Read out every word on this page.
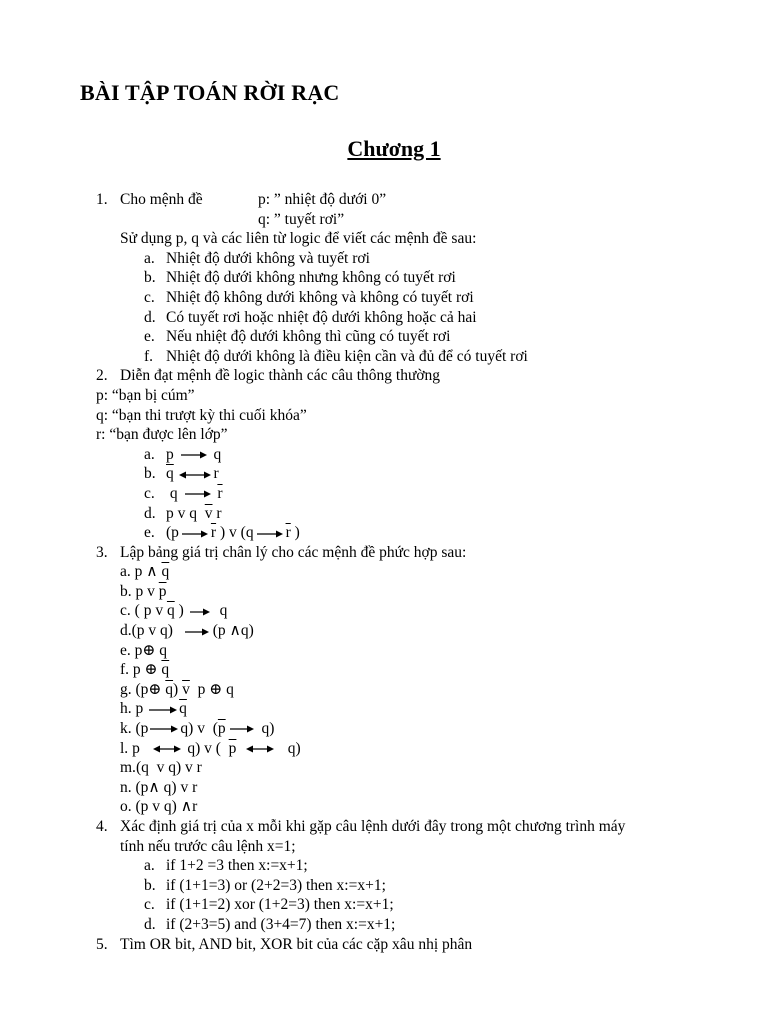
BÀI TẬP TOÁN RỜI RẠC
Chương 1
1. Cho mệnh đề	p: ” nhiệt độ dưới 0”
q: ” tuyết rơi”
Sử dụng p, q và các liên từ logic để viết các mệnh đề sau:
a. Nhiệt độ dưới không và tuyết rơi
b. Nhiệt độ dưới không nhưng không có tuyết rơi
c. Nhiệt độ không dưới không và không có tuyết rơi
d. Có tuyết rơi hoặc nhiệt độ dưới không hoặc cả hai
e. Nếu nhiệt độ dưới không thì cũng có tuyết rơi
f. Nhiệt độ dưới không là điều kiện cần và đủ để có tuyết rơi
2. Diễn đạt mệnh đề logic thành các câu thông thường
p: “bạn bị cúm”
q: “bạn thi trượt kỳ thi cuối khóa”
r: “bạn được lên lớp”
a. p	q
b. $\overline{q}$	r
c. q	$\overline{r}$
d. p v q $\overline{v}$ r
e. (p $\overline{r}$ ) v (q $\overline{r}$ )
3. Lập bảng giá trị chân lý cho các mệnh đề phức hợp sau:
a. p ∧ $\overline{q}$
b. p v $\overline{p}$
c. ( p v $\overline{q}$ ) q
d.(p v q)	(p ∧q)
e. p⊕ q
f. p ⊕ $\overline{q}$
g. (p⊕ $\overline{q}$) $\overline{v}$ p ⊕ q
h. p $\overline{q}$
k. (p q) v ($\overline{p}$ q)
l. p	q) v ( $\overline{p}$	q)
m.(q v q) v r
n. (p∧ q) v r
o. (p v q) ∧r
4. Xác định giá trị của x mỗi khi gặp câu lệnh dưới đây trong một chương trình máy
tính nếu trước câu lệnh x=1;
a. if 1+2 =3 then x:=x+1;
b. if (1+1=3) or (2+2=3) then x:=x+1;
c. if (1+1=2) xor (1+2=3) then x:=x+1;
d. if (2+3=5) and (3+4=7) then x:=x+1;
5. Tìm OR bit, AND bit, XOR bit của các cặp xâu nhị phân
